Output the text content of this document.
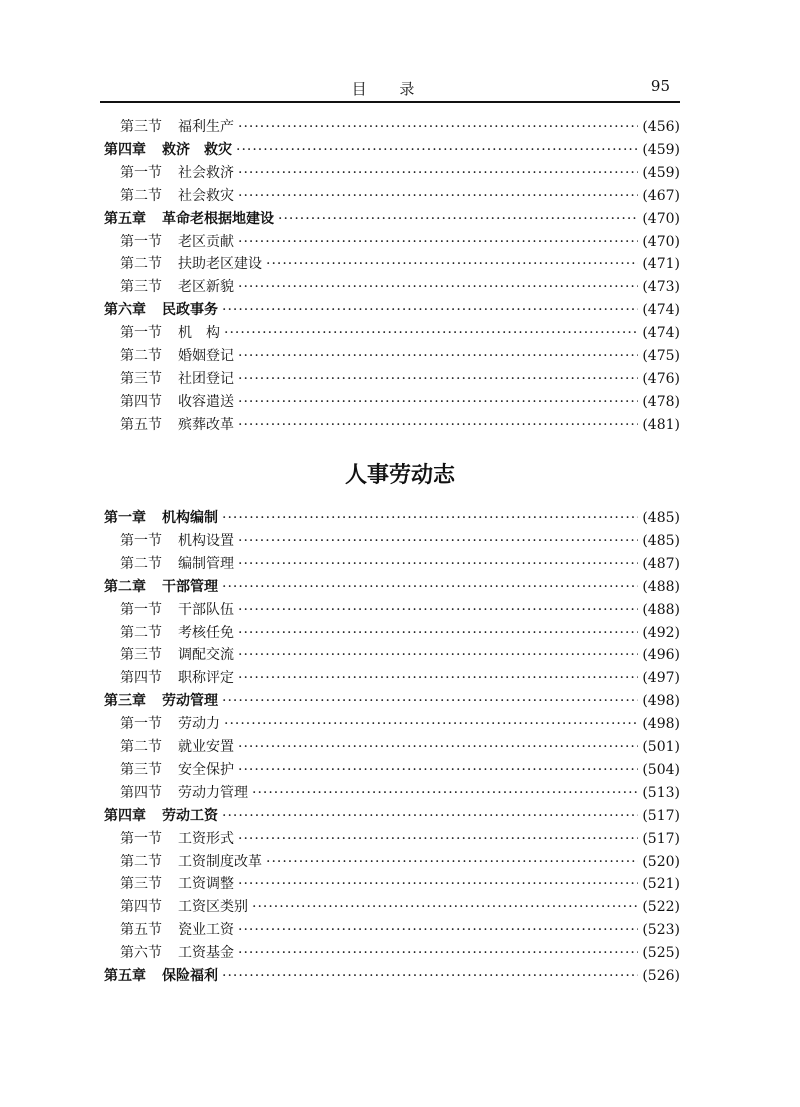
目 录	95
人事劳动志
第三节 福利生产 ·····	(456)
第四章 救济　救灾 ·····	(459)
第一节 社会救济 ·····	(459)
第二节 社会救灾 ·····	(467)
第五章 革命老根据地建设 ·····	(470)
第一节 老区贡献 ·····	(470)
第二节 扶助老区建设 ·····	(471)
第三节 老区新貌 ·····	(473)
第六章 民政事务 ·····	(474)
第一节 机　构 ·····	(474)
第二节 婚姻登记 ·····	(475)
第三节 社团登记 ·····	(476)
第四节 收容遣送 ·····	(478)
第五节 殡葬改革 ·····	(481)
第一章 机构编制 ·····	(485)
第一节 机构设置 ·····	(485)
第二节 编制管理 ·····	(487)
第二章 干部管理 ·····	(488)
第一节 干部队伍 ·····	(488)
第二节 考核任免 ·····	(492)
第三节 调配交流 ·····	(496)
第四节 职称评定 ·····	(497)
第三章 劳动管理 ·····	(498)
第一节 劳动力 ·····	(498)
第二节 就业安置 ·····	(501)
第三节 安全保护 ·····	(504)
第四节 劳动力管理 ·····	(513)
第四章 劳动工资 ·····	(517)
第一节 工资形式 ·····	(517)
第二节 工资制度改革 ·····	(520)
第三节 工资调整 ·····	(521)
第四节 工资区类别 ·····	(522)
第五节 瓷业工资 ·····	(523)
第六节 工资基金 ·····	(525)
第五章 保险福利 ·····	(526)
